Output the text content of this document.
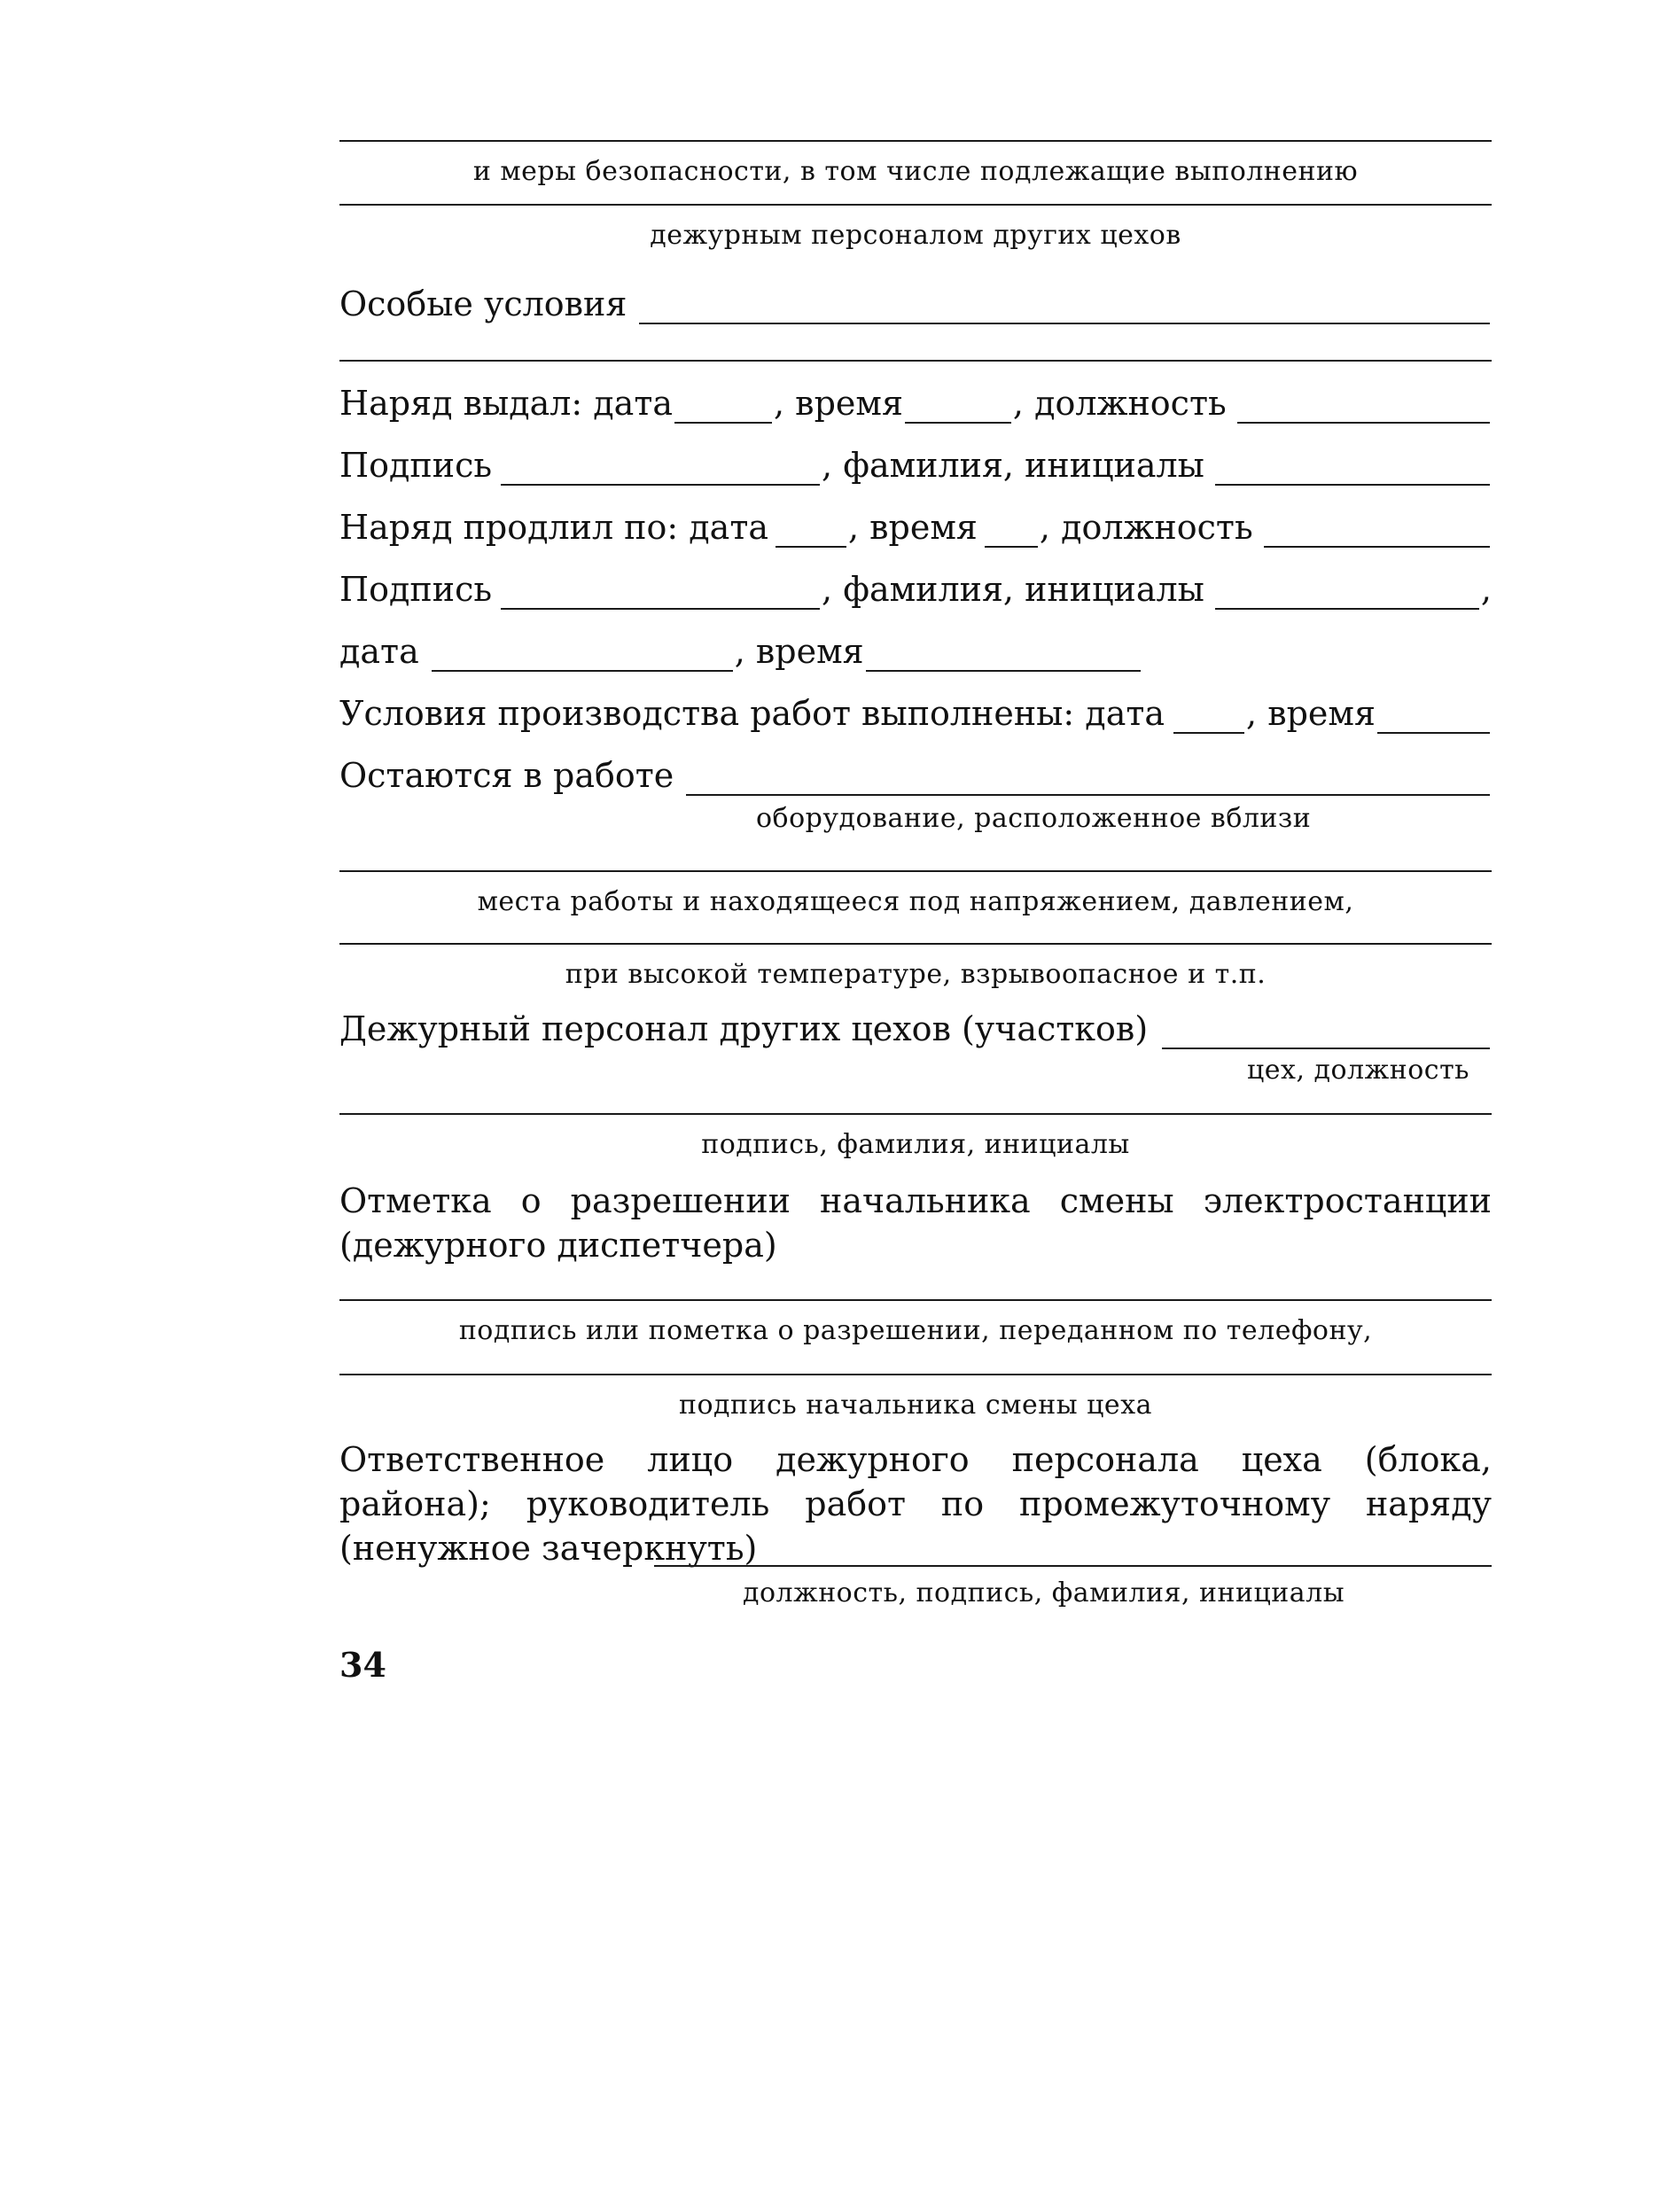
и меры безопасности, в том числе подлежащие выполнению
дежурным персоналом других цехов
Особые условия
Наряд выдал: дата	, время	, должность
Подпись	, фамилия, инициалы
Наряд продлил по: дата , время , должность
Подпись	, фамилия, инициалы	,
дата	, время
Условия производства работ выполнены: дата , время
Остаются в работе
оборудование, расположенное вблизи
места работы и находящееся под напряжением, давлением,
при высокой температуре, взрывоопасное и т.п.
Дежурный персонал других цехов (участков)
цех, должность
подпись, фамилия, инициалы
Отметка о разрешении начальника смены электростанции (дежурного диспетчера)
подпись или пометка о разрешении, переданном по телефону,
подпись начальника смены цеха
Ответственное лицо дежурного персонала цеха (блока, района); руководитель работ по промежуточному наряду (ненужное зачеркнуть)
должность, подпись, фамилия, инициалы
34
